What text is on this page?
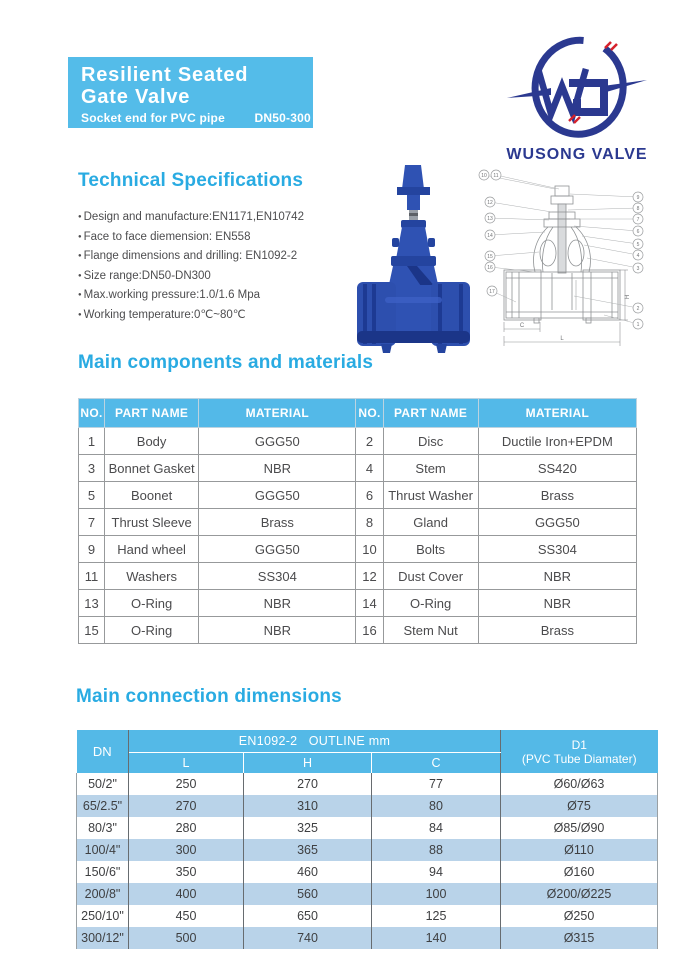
Resilient Seated
Gate Valve
Socket end for PVC pipe DN50-300
WUSONG VALVE
Technical Specifications
● Design and manufacture:EN1171,EN10742
● Face to face diemension: EN558
● Flange dimensions and drilling: EN1092-2
● Size range:DN50-DN300
● Max.working pressure:1.0/1.6 Mpa
● Working temperature:0℃~80℃
C
L
H
10 11
12
13
14
15
16
17
9
8
7
6
5
4
3
2
1
Main components and materials
NO.	PART NAME	MATERIAL	NO.	PART NAME	MATERIAL
1	Body	GGG50	2	Disc	Ductile Iron+EPDM
3	Bonnet Gasket	NBR	4	Stem	SS420
5	Boonet	GGG50	6	Thrust Washer	Brass
7	Thrust Sleeve	Brass	8	Gland	GGG50
9	Hand wheel	GGG50	10	Bolts	SS304
11	Washers	SS304	12	Dust Cover	NBR
13	O-Ring	NBR	14	O-Ring	NBR
15	O-Ring	NBR	16	Stem Nut	Brass
Main connection dimensions
DN	EN1092-2   OUTLINE mm			D1
(PVC Tube Diamater)

	L	H	C	
50/2"	250	270	77	Ø60/Ø63
65/2.5"	270	310	80	Ø75
80/3"	280	325	84	Ø85/Ø90
100/4"	300	365	88	Ø110
150/6"	350	460	94	Ø160
200/8"	400	560	100	Ø200/Ø225
250/10"	450	650	125	Ø250
300/12"	500	740	140	Ø315
